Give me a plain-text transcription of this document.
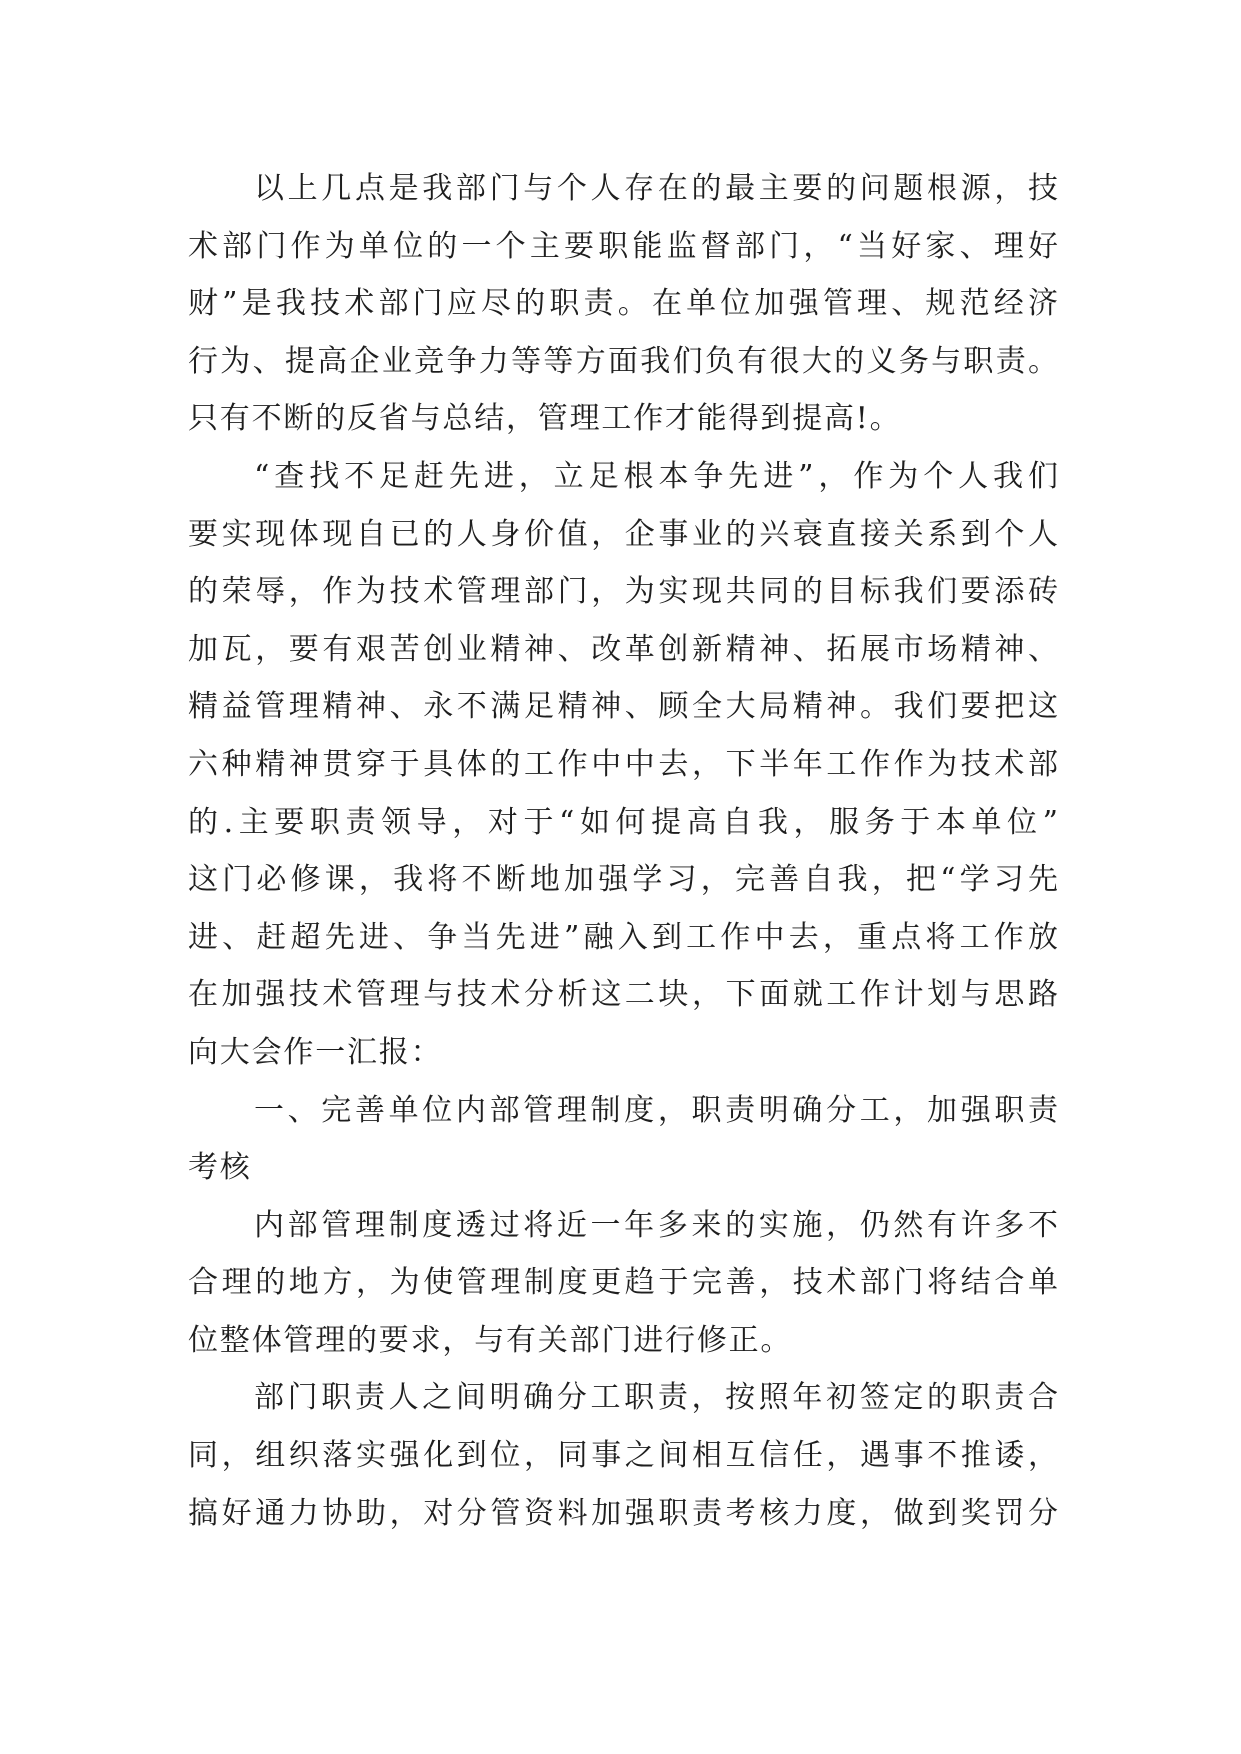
以上几点是我部门与个人存在的最主要的问题根源，技
术部门作为单位的一个主要职能监督部门，“当好家、理好
财”是我技术部门应尽的职责。在单位加强管理、规范经济
行为、提高企业竞争力等等方面我们负有很大的义务与职责。
只有不断的反省与总结，管理工作才能得到提高!。
“查找不足赶先进，立足根本争先进”，作为个人我们
要实现体现自已的人身价值，企事业的兴衰直接关系到个人
的荣辱，作为技术管理部门，为实现共同的目标我们要添砖
加瓦，要有艰苦创业精神、改革创新精神、拓展市场精神、
精益管理精神、永不满足精神、顾全大局精神。我们要把这
六种精神贯穿于具体的工作中中去，下半年工作作为技术部
的.主要职责领导，对于“如何提高自我，服务于本单位”
这门必修课，我将不断地加强学习，完善自我，把“学习先
进、赶超先进、争当先进”融入到工作中去，重点将工作放
在加强技术管理与技术分析这二块，下面就工作计划与思路
向大会作一汇报：
一、完善单位内部管理制度，职责明确分工，加强职责
考核
内部管理制度透过将近一年多来的实施，仍然有许多不
合理的地方，为使管理制度更趋于完善，技术部门将结合单
位整体管理的要求，与有关部门进行修正。
部门职责人之间明确分工职责，按照年初签定的职责合
同，组织落实强化到位，同事之间相互信任，遇事不推诿，
搞好通力协助，对分管资料加强职责考核力度，做到奖罚分
